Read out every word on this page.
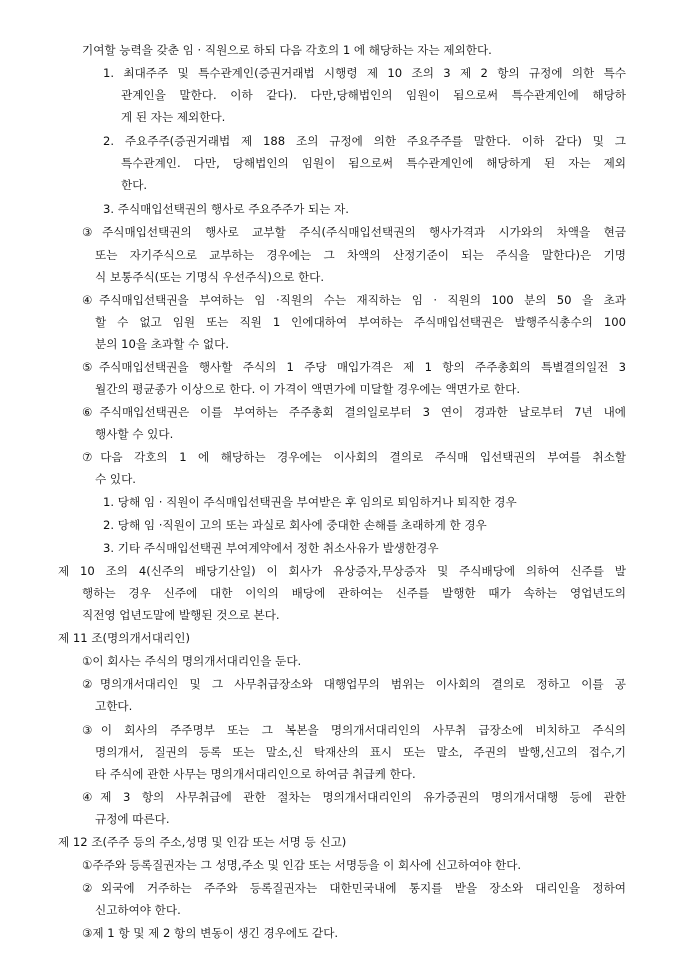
기여할 능력을 갖춘 임 · 직원으로 하되 다음 각호의 1 에 해당하는 자는 제외한다.
1. 최대주주 및 특수관계인(증권거래법 시행령 제 10 조의 3 제 2 항의 규정에 의한 특수
관계인을 말한다. 이하 같다). 다만,당해법인의 임원이 됨으로써 특수관계인에 해당하
게 된 자는 제외한다.
2. 주요주주(증권거래법 제 188 조의 규정에 의한 주요주주를 말한다. 이하 같다) 및 그
특수관계인. 다만, 당해법인의 임원이 됨으로써 특수관계인에 해당하게 된 자는 제외
한다.
3. 주식매입선택권의 행사로 주요주주가 되는 자.
③주식매입선택권의 행사로 교부할 주식(주식매입선택권의 행사가격과 시가와의 차액을 현금
또는 자기주식으로 교부하는 경우에는 그 차액의 산정기준이 되는 주식을 말한다)은 기명
식 보통주식(또는 기명식 우선주식)으로 한다.
④주식매입선택권을 부여하는 임 ·직원의 수는 재직하는 임 · 직원의 100 분의 50 을 초과
할 수 없고 임원 또는 직원 1 인에대하여 부여하는 주식매입선택권은 발행주식총수의 100
분의 10을 초과할 수 없다.
⑤주식매입선택권을 행사할 주식의 1 주당 매입가격은 제 1 항의 주주총회의 특별결의일전 3
월간의 평균종가 이상으로 한다. 이 가격이 액면가에 미달할 경우에는 액면가로 한다.
⑥주식매입선택권은 이를 부여하는 주주총회 결의일로부터 3 연이 경과한 날로부터 7년 내에
행사할 수 있다.
⑦다음 각호의 1 에 해당하는 경우에는 이사회의 결의로 주식매 입선택권의 부여를 취소할
수 있다.
1. 당해 임 · 직원이 주식매입선택권을 부여받은 후 임의로 퇴임하거나 퇴직한 경우
2. 당해 임 ·직원이 고의 또는 과실로 회사에 중대한 손해를 초래하게 한 경우
3. 기타 주식매입선택권 부여계약에서 정한 취소사유가 발생한경우
제 10 조의 4(신주의 배당기산일) 이 회사가 유상증자,무상증자 및 주식배당에 의하여 신주를 발
행하는 경우 신주에 대한 이익의 배당에 관하여는 신주를 발행한 때가 속하는 영업년도의
직전영 업년도말에 발행된 것으로 본다.
제 11 조(명의개서대리인)
①이 회사는 주식의 명의개서대리인을 둔다.
②명의개서대리인 및 그 사무취급장소와 대행업무의 범위는 이사회의 결의로 정하고 이를 공
고한다.
③이 회사의 주주명부 또는 그 복본을 명의개서대리인의 사무취 급장소에 비치하고 주식의
명의개서, 질권의 등록 또는 말소,신 탁재산의 표시 또는 말소, 주권의 발행,신고의 접수,기
타 주식에 관한 사무는 명의개서대리인으로 하여금 취급케 한다.
④제 3 항의 사무취급에 관한 절차는 명의개서대리인의 유가증권의 명의개서대행 등에 관한
규정에 따른다.
제 12 조(주주 등의 주소,성명 및 인감 또는 서명 등 신고)
①주주와 등록질권자는 그 성명,주소 및 인감 또는 서명등을 이 회사에 신고하여야 한다.
②외국에 거주하는 주주와 등록질권자는 대한민국내에 통지를 받을 장소와 대리인을 정하여
신고하여야 한다.
③제 1 항 및 제 2 항의 변동이 생긴 경우에도 같다.
